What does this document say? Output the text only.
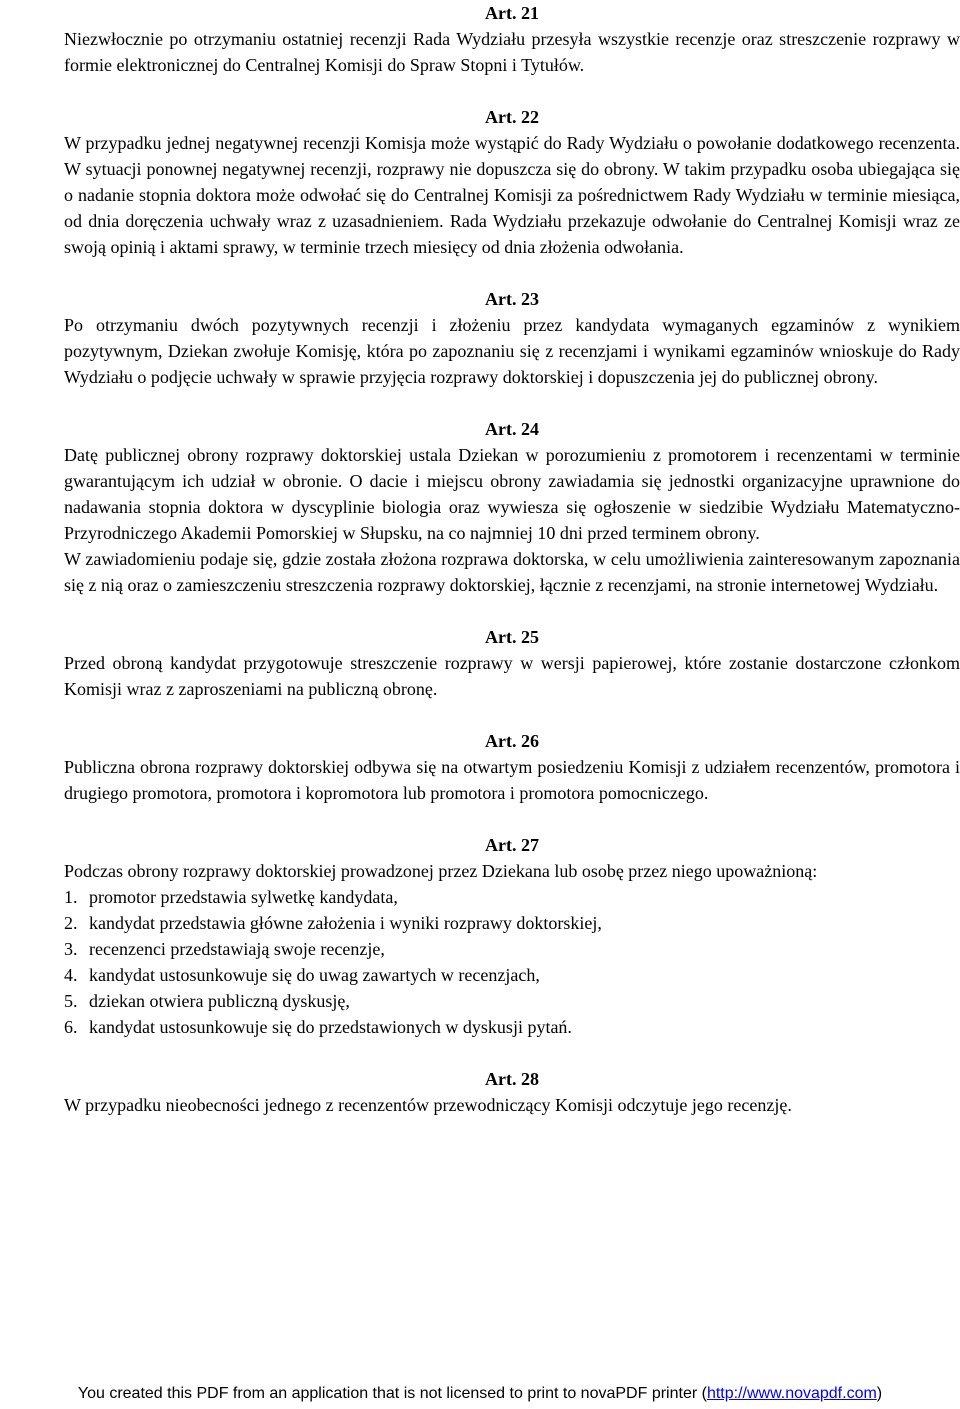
Art. 21

Niezwłocznie po otrzymaniu ostatniej recenzji Rada Wydziału przesyła wszystkie recenzje oraz streszczenie rozprawy w formie elektronicznej do Centralnej Komisji do Spraw Stopni i Tytułów.

Art. 22

W przypadku jednej negatywnej recenzji Komisja może wystąpić do Rady Wydziału o powołanie dodatkowego recenzenta. W sytuacji ponownej negatywnej recenzji, rozprawy nie dopuszcza się do obrony. W takim przypadku osoba ubiegająca się o nadanie stopnia doktora może odwołać się do Centralnej Komisji za pośrednictwem Rady Wydziału w terminie miesiąca, od dnia doręczenia uchwały wraz z uzasadnieniem. Rada Wydziału przekazuje odwołanie do Centralnej Komisji wraz ze swoją opinią i aktami sprawy, w terminie trzech miesięcy od dnia złożenia odwołania.

Art. 23

Po otrzymaniu dwóch pozytywnych recenzji i złożeniu przez kandydata wymaganych egzaminów z wynikiem pozytywnym, Dziekan zwołuje Komisję, która po zapoznaniu się z recenzjami i wynikami egzaminów wnioskuje do Rady Wydziału o podjęcie uchwały w sprawie przyjęcia rozprawy doktorskiej i dopuszczenia jej do publicznej obrony.

Art. 24

Datę publicznej obrony rozprawy doktorskiej ustala Dziekan w porozumieniu z promotorem i recenzentami w terminie gwarantującym ich udział w obronie. O dacie i miejscu obrony zawiadamia się jednostki organizacyjne uprawnione do nadawania stopnia doktora w dyscyplinie biologia oraz wywiesza się ogłoszenie w siedzibie Wydziału Matematyczno-Przyrodniczego Akademii Pomorskiej w Słupsku, na co najmniej 10 dni przed terminem obrony.

W zawiadomieniu podaje się, gdzie została złożona rozprawa doktorska, w celu umożliwienia zainteresowanym zapoznania się z nią oraz o zamieszczeniu streszczenia rozprawy doktorskiej, łącznie z recenzjami, na stronie internetowej Wydziału.

Art. 25

Przed obroną kandydat przygotowuje streszczenie rozprawy w wersji papierowej, które zostanie dostarczone członkom Komisji wraz z zaproszeniami na publiczną obronę.

Art. 26

Publiczna obrona rozprawy doktorskiej odbywa się na otwartym posiedzeniu Komisji z udziałem recenzentów, promotora i drugiego promotora, promotora i kopromotora lub promotora i promotora pomocniczego.

Art. 27

Podczas obrony rozprawy doktorskiej prowadzonej przez Dziekana lub osobę przez niego upoważnioną:

1. promotor przedstawia sylwetkę kandydata,
2. kandydat przedstawia główne założenia i wyniki rozprawy doktorskiej,
3. recenzenci przedstawiają swoje recenzje,
4. kandydat ustosunkowuje się do uwag zawartych w recenzjach,
5. dziekan otwiera publiczną dyskusję,
6. kandydat ustosunkowuje się do przedstawionych w dyskusji pytań.
Art. 28

W przypadku nieobecności jednego z recenzentów przewodniczący Komisji odczytuje jego recenzję.

You created this PDF from an application that is not licensed to print to novaPDF printer (http://www.novapdf.com)
